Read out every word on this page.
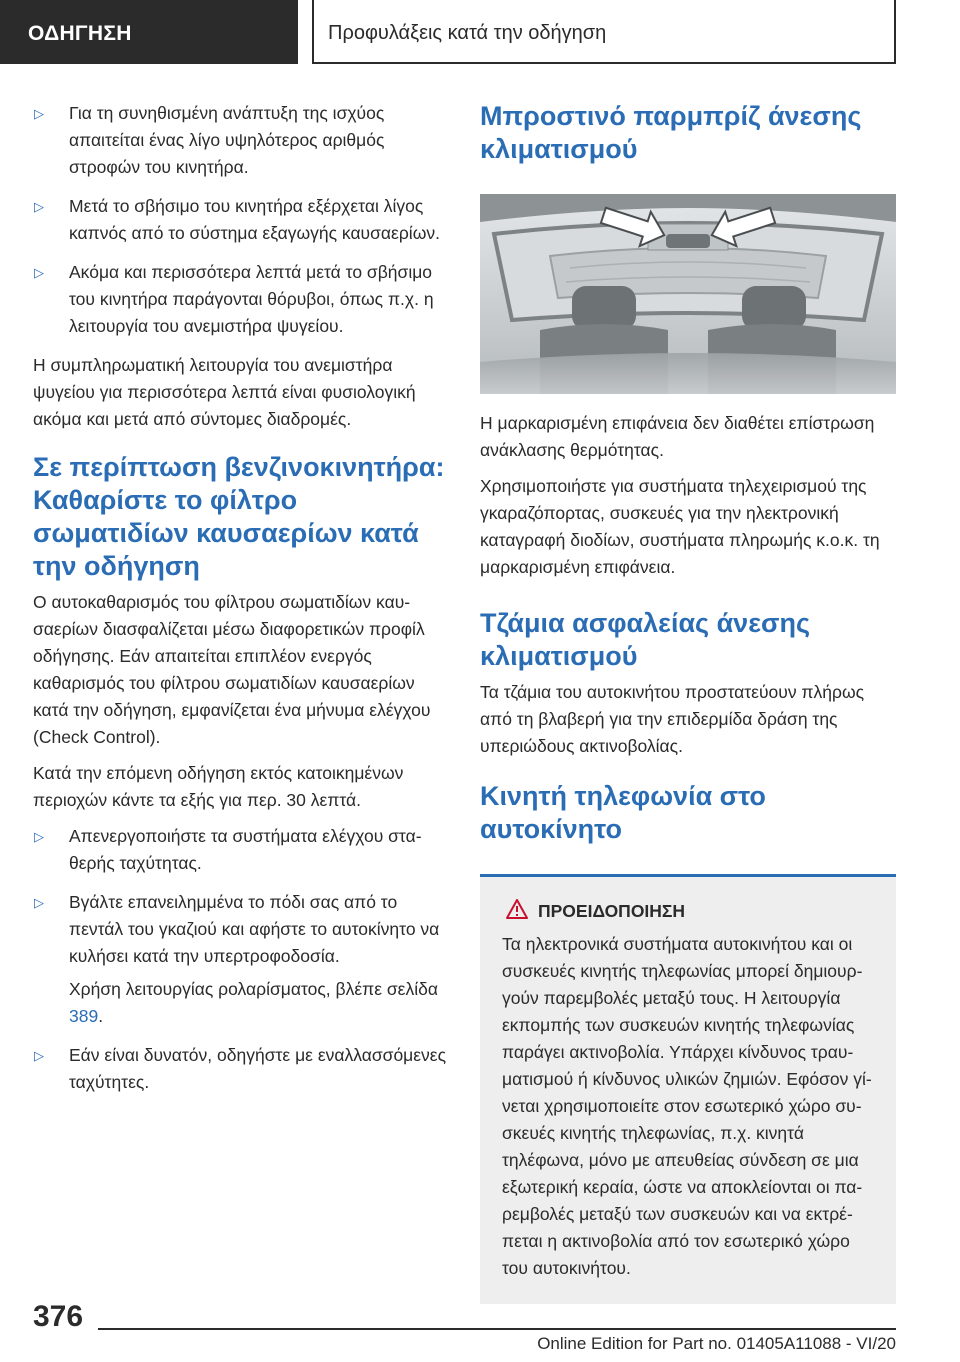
ΟΔΗΓΗΣΗ	Προφυλάξεις κατά την οδήγηση
▷ Για τη συνηθισμένη ανάπτυξη της ισχύος απαιτείται ένας λίγο υψηλότερος αριθμός στροφών του κινητήρα.
▷ Μετά το σβήσιμο του κινητήρα εξέρχεται λίγος καπνός από το σύστημα εξαγωγής καυσαερίων.
▷ Ακόμα και περισσότερα λεπτά μετά το σβήσιμο του κινητήρα παράγονται θόρυβοι, όπως π.χ. η λειτουργία του ανεμιστήρα ψυγείου.

Η συμπληρωματική λειτουργία του ανεμιστήρα ψυγείου για περισσότερα λεπτά είναι φυσιολογική ακόμα και μετά από σύντομες διαδρομές.

Σε περίπτωση βενζινοκινητήρα: Καθαρίστε το φίλτρο σωματιδίων καυσαερίων κατά την οδήγηση

Ο αυτοκαθαρισμός του φίλτρου σωματιδίων καυσαερίων διασφαλίζεται μέσω διαφορετικών προφίλ οδήγησης. Εάν απαιτείται επιπλέον ενεργός καθαρισμός του φίλτρου σωματιδίων καυσαερίων κατά την οδήγηση, εμφανίζεται ένα μήνυμα ελέγχου (Check Control).

Κατά την επόμενη οδήγηση εκτός κατοικημένων περιοχών κάντε τα εξής για περ. 30 λεπτά.

▷ Απενεργοποιήστε τα συστήματα ελέγχου σταθερής ταχύτητας.
▷ Βγάλτε επανειλημμένα το πόδι σας από το πεντάλ του γκαζιού και αφήστε το αυτοκίνητο να κυλήσει κατά την υπερτροφοδοσία.
Χρήση λειτουργίας ρολαρίσματος, βλέπε σελίδα 389.
▷ Εάν είναι δυνατόν, οδηγήστε με εναλλασσόμενες ταχύτητες.
Μπροστινό παρμπρίζ άνεσης κλιματισμού

Η μαρκαρισμένη επιφάνεια δεν διαθέτει επίστρωση ανάκλασης θερμότητας.

Χρησιμοποιήστε για συστήματα τηλεχειρισμού της γκαραζόπορτας, συσκευές για την ηλεκτρονική καταγραφή διοδίων, συστήματα πληρωμής κ.ο.κ. τη μαρκαρισμένη επιφάνεια.

Τζάμια ασφαλείας άνεσης κλιματισμού

Τα τζάμια του αυτοκινήτου προστατεύουν πλήρως από τη βλαβερή για την επιδερμίδα δράση της υπεριώδους ακτινοβολίας.

Κινητή τηλεφωνία στο αυτοκίνητο
ΠΡΟΕΙΔΟΠΟΙΗΣΗ
Τα ηλεκτρονικά συστήματα αυτοκινήτου και οι συσκευές κινητής τηλεφωνίας μπορεί δημιουργούν παρεμβολές μεταξύ τους. Η λειτουργία εκπομπής των συσκευών κινητής τηλεφωνίας παράγει ακτινοβολία. Υπάρχει κίνδυνος τραυματισμού ή κίνδυνος υλικών ζημιών. Εφόσον γίνεται χρησιμοποιείτε στον εσωτερικό χώρο συσκευές κινητής τηλεφωνίας, π.χ. κινητά τηλέφωνα, μόνο με απευθείας σύνδεση σε μια εξωτερική κεραία, ώστε να αποκλείονται οι παρεμβολές μεταξύ των συσκευών και να εκτρέπεται η ακτινοβολία από τον εσωτερικό χώρο του αυτοκινήτου.
376
Online Edition for Part no. 01405A11088 - VI/20
